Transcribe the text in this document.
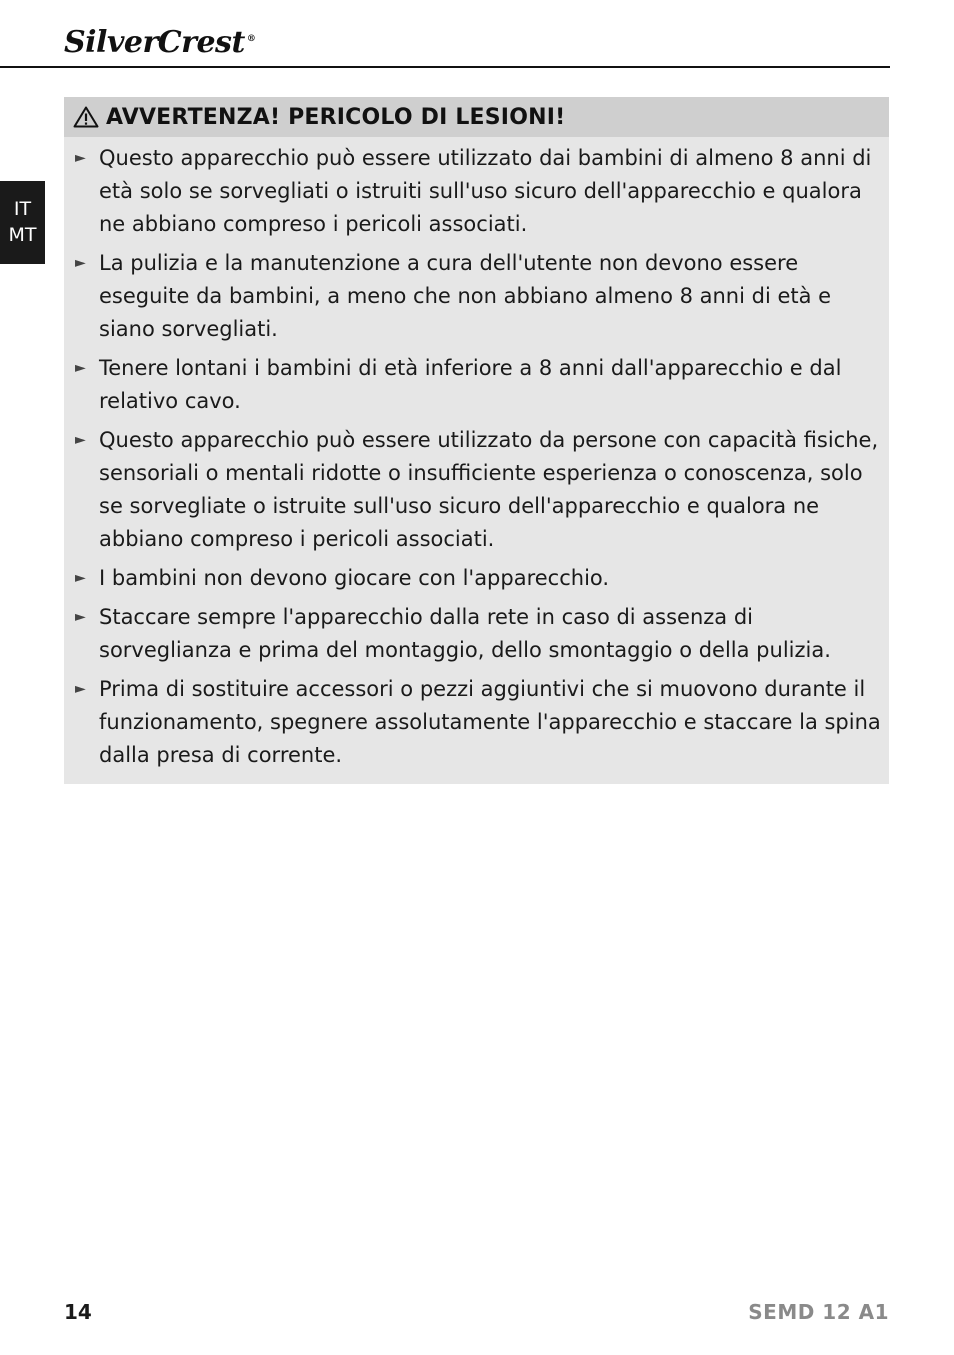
SilverCrest ®
IT
MT
AVVERTENZA! PERICOLO DI LESIONI!
► Questo apparecchio può essere utilizzato dai bambini di almeno 8 anni di età solo se sorvegliati o istruiti sull'uso sicuro dell'apparecchio e qualora ne abbiano compreso i pericoli associati.
► La pulizia e la manutenzione a cura dell'utente non devono essere eseguite da bambini, a meno che non abbiano almeno 8 anni di età e siano sorvegliati.
► Tenere lontani i bambini di età inferiore a 8 anni dall'apparecchio e dal relativo cavo.
► Questo apparecchio può essere utilizzato da persone con capacità fisiche, sensoriali o mentali ridotte o insufficiente esperienza o conoscenza, solo se sorvegliate o istruite sull'uso sicuro dell'apparecchio e qualora ne abbiano compreso i pericoli associati.
► I bambini non devono giocare con l'apparecchio.
► Staccare sempre l'apparecchio dalla rete in caso di assenza di sorveglianza e prima del montaggio, dello smontaggio o della pulizia.
► Prima di sostituire accessori o pezzi aggiuntivi che si muovono durante il funzionamento, spegnere assolutamente l'apparecchio e staccare la spina dalla presa di corrente.
14	SEMD 12 A1
